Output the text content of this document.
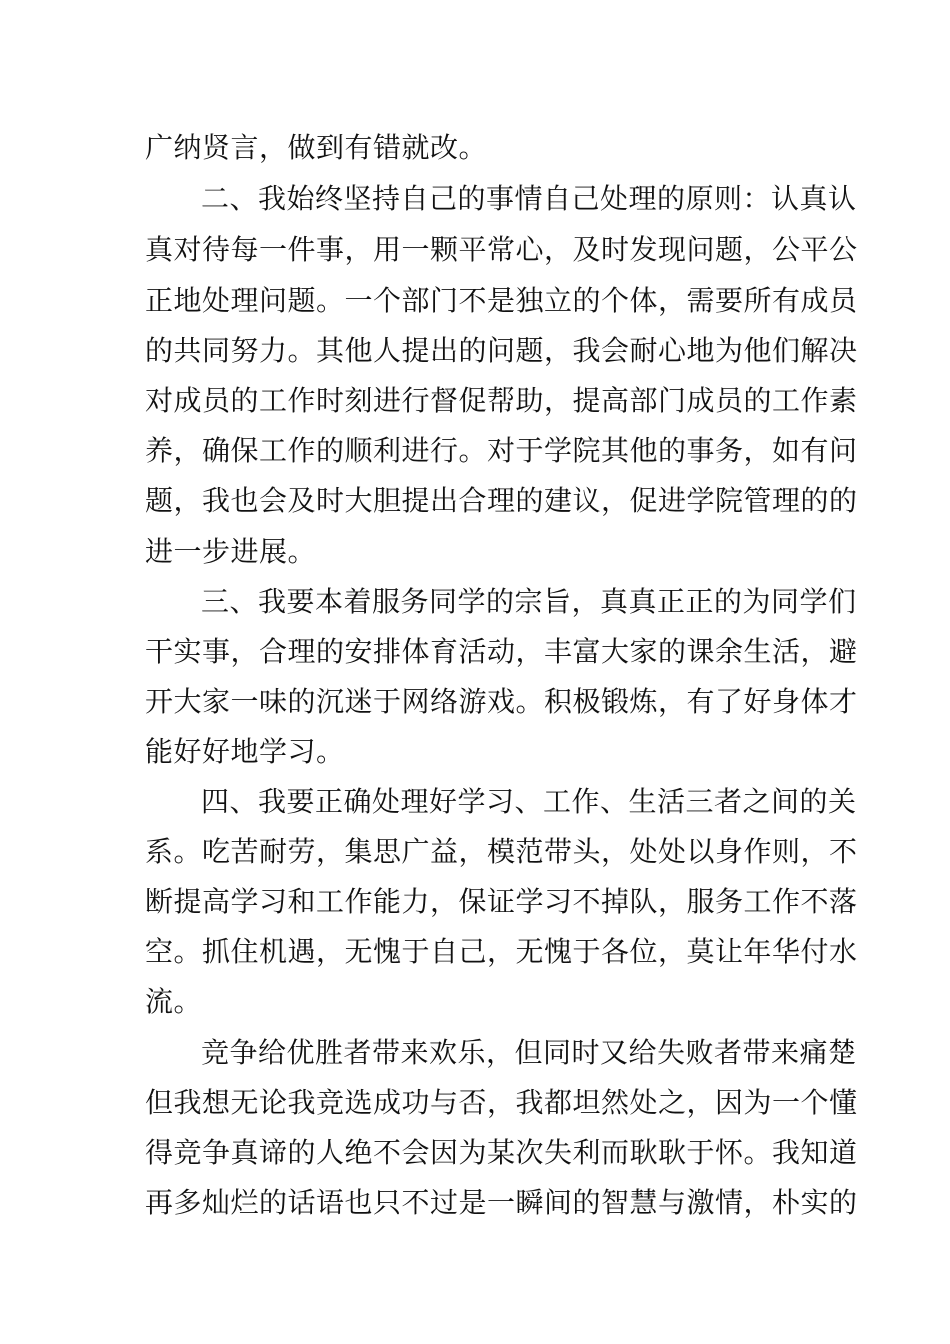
广纳贤言，做到有错就改。
二、我始终坚持自己的事情自己处理的原则：认真认
真对待每一件事，用一颗平常心，及时发现问题，公平公
正地处理问题。一个部门不是独立的个体，需要所有成员
的共同努力。其他人提出的问题，我会耐心地为他们解决
对成员的工作时刻进行督促帮助，提高部门成员的工作素
养，确保工作的顺利进行。对于学院其他的事务，如有问
题，我也会及时大胆提出合理的建议，促进学院管理的的
进一步进展。
三、我要本着服务同学的宗旨，真真正正的为同学们
干实事，合理的安排体育活动，丰富大家的课余生活，避
开大家一味的沉迷于网络游戏。积极锻炼，有了好身体才
能好好地学习。
四、我要正确处理好学习、工作、生活三者之间的关
系。吃苦耐劳，集思广益，模范带头，处处以身作则，不
断提高学习和工作能力，保证学习不掉队，服务工作不落
空。抓住机遇，无愧于自己，无愧于各位，莫让年华付水
流。
竞争给优胜者带来欢乐，但同时又给失败者带来痛楚
但我想无论我竞选成功与否，我都坦然处之，因为一个懂
得竞争真谛的人绝不会因为某次失利而耿耿于怀。我知道
再多灿烂的话语也只不过是一瞬间的智慧与激情，朴实的
